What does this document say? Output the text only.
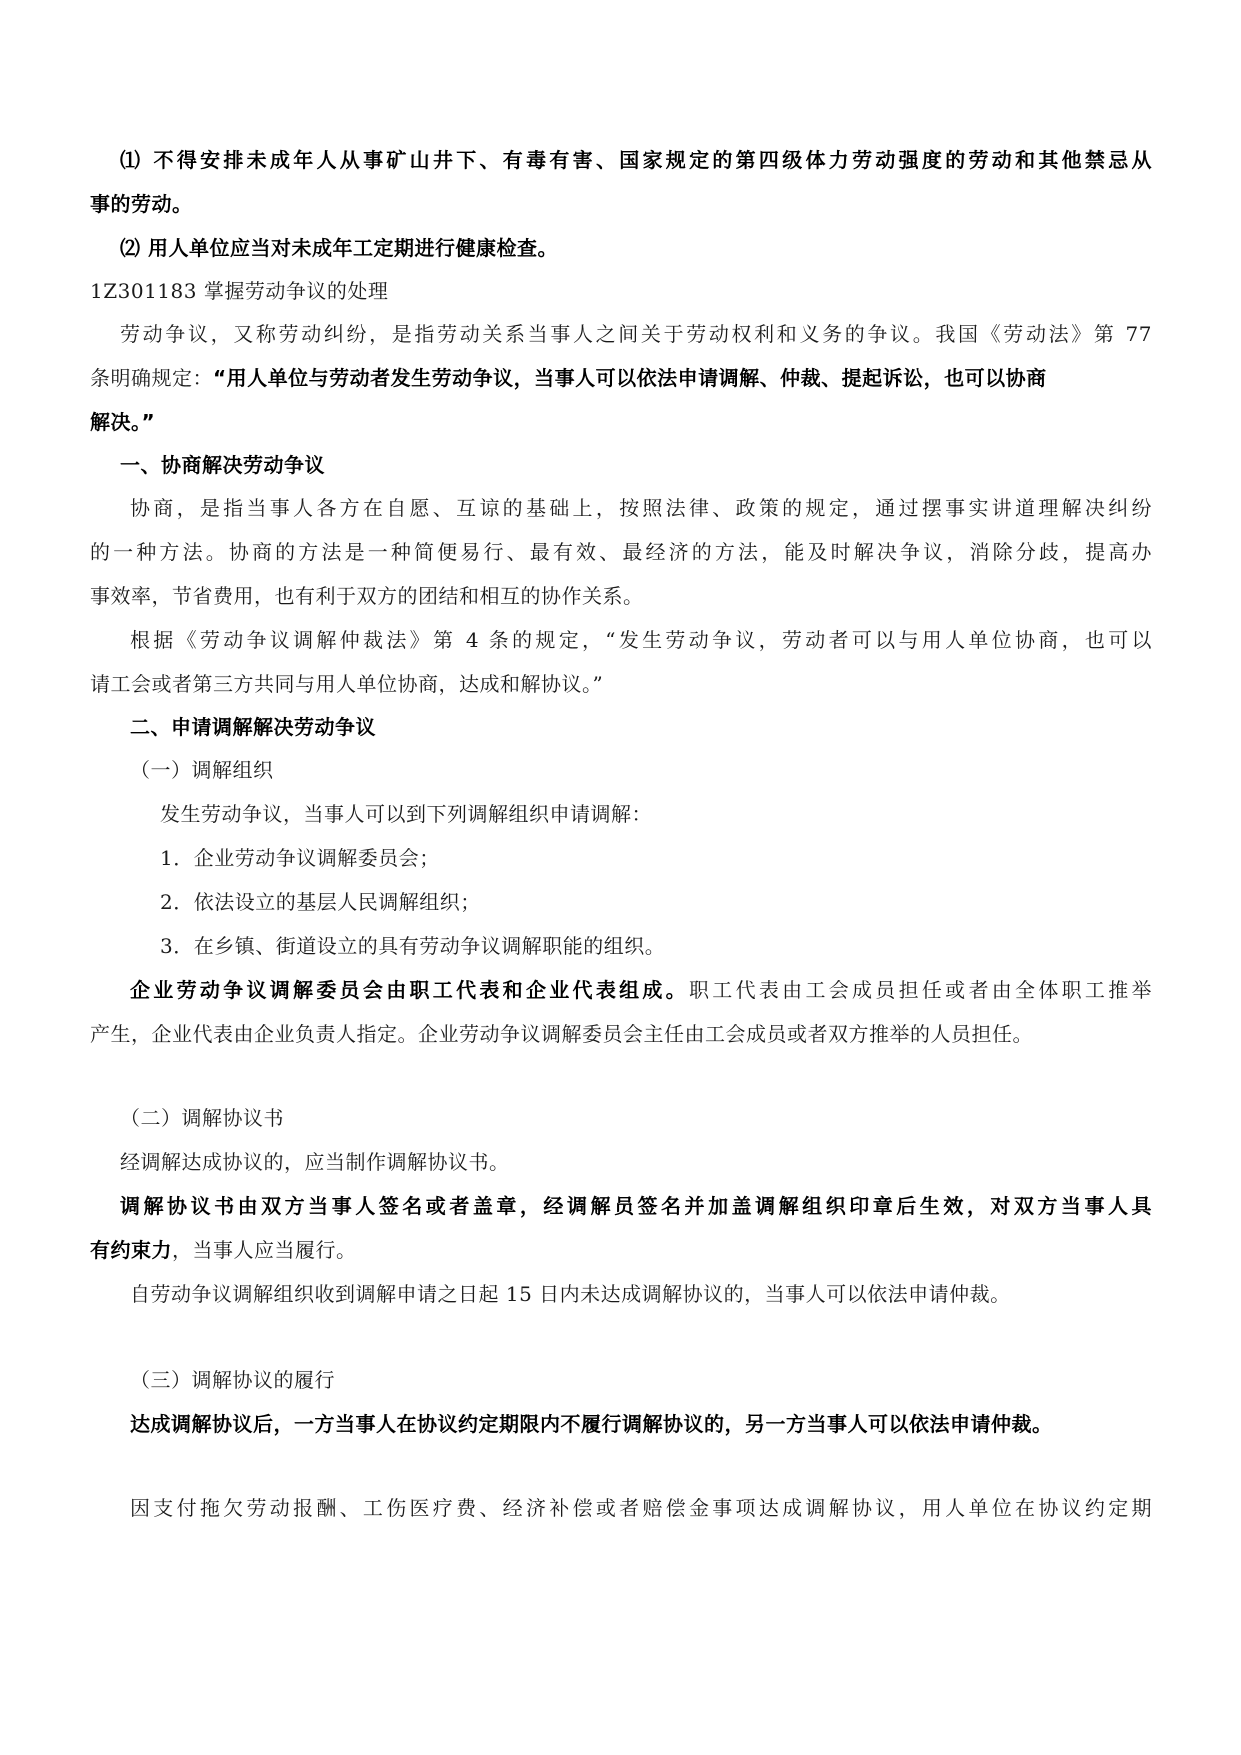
⑴ 不得安排未成年人从事矿山井下、有毒有害、国家规定的第四级体力劳动强度的劳动和其他禁忌从
事的劳动。
⑵ 用人单位应当对未成年工定期进行健康检查。
1Z301183 掌握劳动争议的处理
劳动争议，又称劳动纠纷，是指劳动关系当事人之间关于劳动权利和义务的争议。我国《劳动法》第 77
条明确规定：“用人单位与劳动者发生劳动争议，当事人可以依法申请调解、仲裁、提起诉讼，也可以协商
解决。”
一、协商解决劳动争议
协商，是指当事人各方在自愿、互谅的基础上，按照法律、政策的规定，通过摆事实讲道理解决纠纷
的一种方法。协商的方法是一种简便易行、最有效、最经济的方法，能及时解决争议，消除分歧，提高办
事效率，节省费用，也有利于双方的团结和相互的协作关系。
根据《劳动争议调解仲裁法》第 4 条的规定，“发生劳动争议，劳动者可以与用人单位协商，也可以
请工会或者第三方共同与用人单位协商，达成和解协议。”
二、申请调解解决劳动争议
（一）调解组织
发生劳动争议，当事人可以到下列调解组织申请调解：
1．企业劳动争议调解委员会；
2．依法设立的基层人民调解组织；
3．在乡镇、街道设立的具有劳动争议调解职能的组织。
企业劳动争议调解委员会由职工代表和企业代表组成。职工代表由工会成员担任或者由全体职工推举
产生，企业代表由企业负责人指定。企业劳动争议调解委员会主任由工会成员或者双方推举的人员担任。
（二）调解协议书
经调解达成协议的，应当制作调解协议书。
调解协议书由双方当事人签名或者盖章，经调解员签名并加盖调解组织印章后生效，对双方当事人具
有约束力，当事人应当履行。
自劳动争议调解组织收到调解申请之日起 15 日内未达成调解协议的，当事人可以依法申请仲裁。
（三）调解协议的履行
达成调解协议后，一方当事人在协议约定期限内不履行调解协议的，另一方当事人可以依法申请仲裁。
因支付拖欠劳动报酬、工伤医疗费、经济补偿或者赔偿金事项达成调解协议，用人单位在协议约定期
